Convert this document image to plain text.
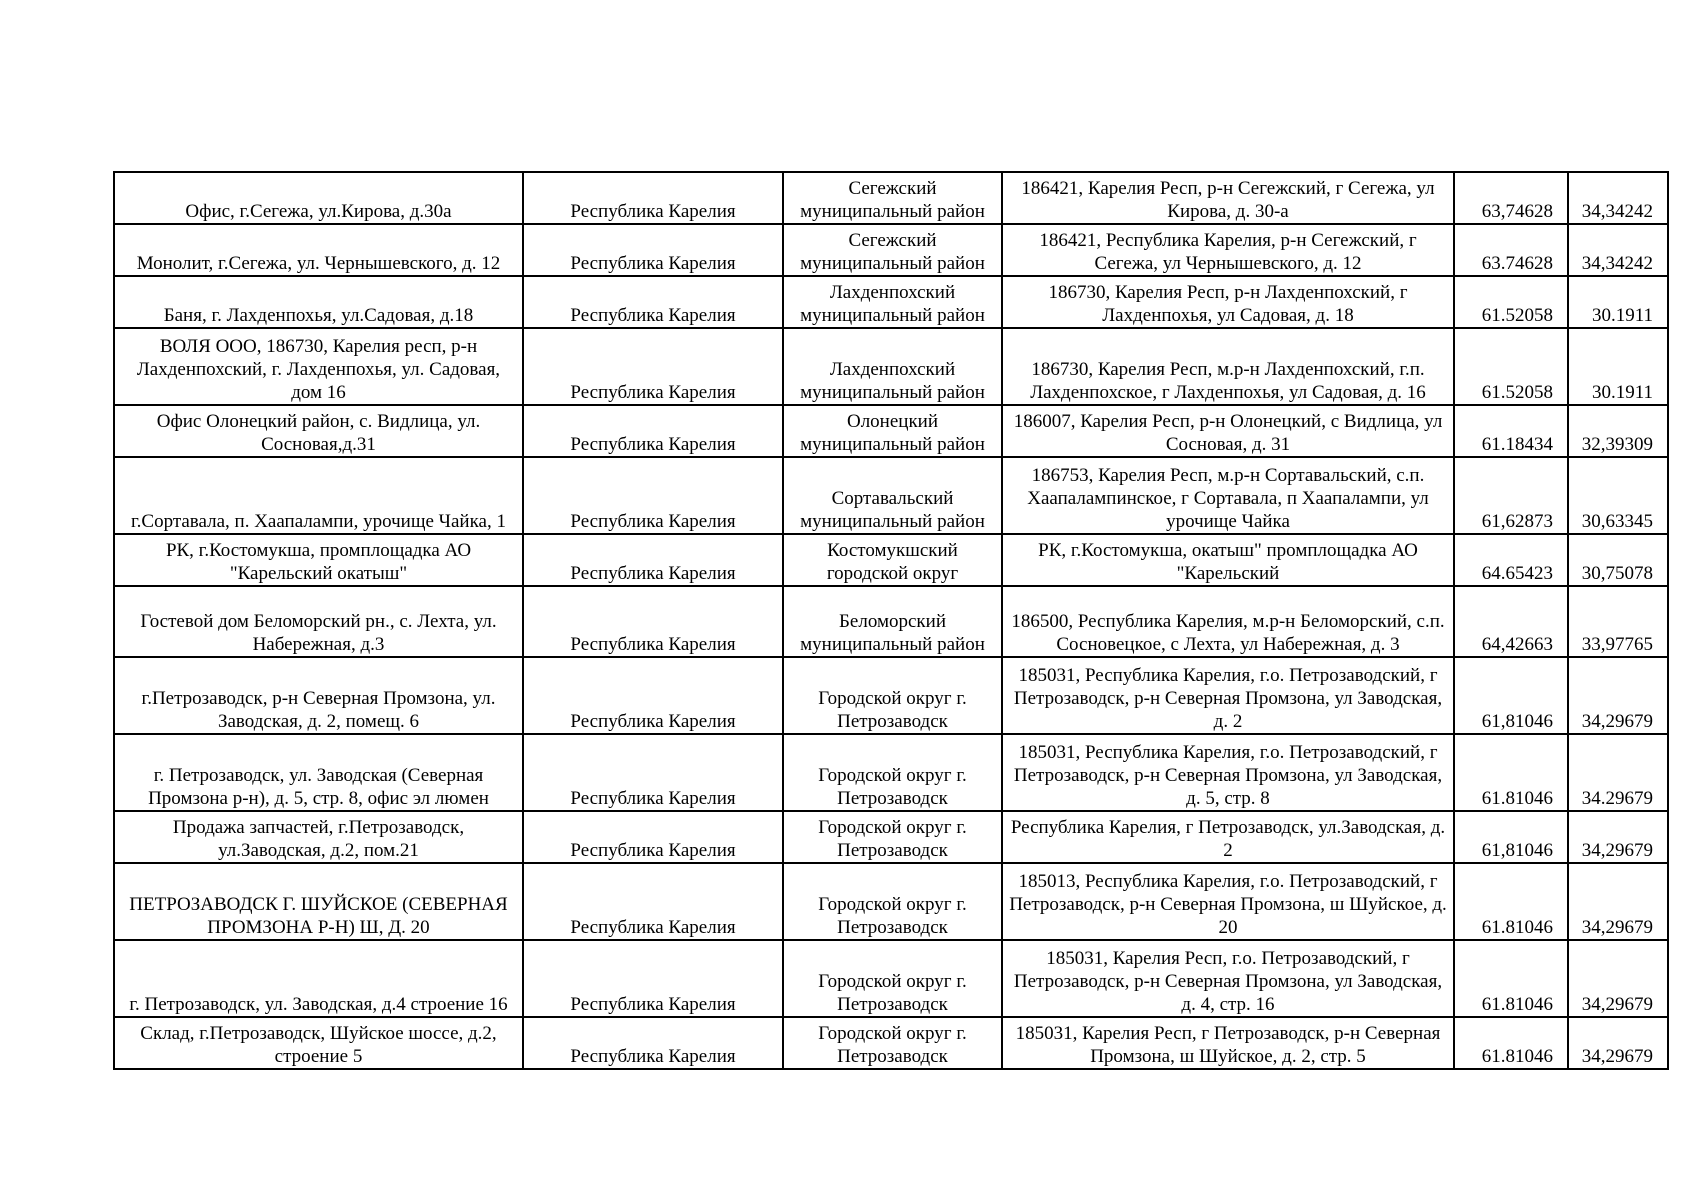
Офис, г.Сегежа, ул.Кирова, д.30а	Республика Карелия	Сегежский муниципальный район	186421, Карелия Респ, р-н Сегежский, г Сегежа, ул Кирова, д. 30-а	63,74628	34,34242
Монолит, г.Сегежа, ул. Чернышевского, д. 12	Республика Карелия	Сегежский муниципальный район	186421, Республика Карелия, р-н Сегежский, г Сегежа, ул Чернышевского, д. 12	63.74628	34,34242
Баня, г. Лахденпохья, ул.Садовая, д.18	Республика Карелия	Лахденпохский муниципальный район	186730, Карелия Респ, р-н Лахденпохский, г Лахденпохья, ул Садовая, д. 18	61.52058	30.1911
ВОЛЯ ООО, 186730, Карелия респ, р-н Лахденпохский, г. Лахденпохья, ул. Садовая, дом 16	Республика Карелия	Лахденпохский муниципальный район	186730, Карелия Респ, м.р-н Лахденпохский, г.п. Лахденпохское, г Лахденпохья, ул Садовая, д. 16	61.52058	30.1911
Офис Олонецкий район, с. Видлица, ул. Сосновая,д.31	Республика Карелия	Олонецкий муниципальный район	186007, Карелия Респ, р-н Олонецкий, с Видлица, ул Сосновая, д. 31	61.18434	32,39309
г.Сортавала, п. Хаапалампи, урочище Чайка, 1	Республика Карелия	Сортавальский муниципальный район	186753, Карелия Респ, м.р-н Сортавальский, с.п. Хаапалампинское, г Сортавала, п Хаапалампи, ул урочище Чайка	61,62873	30,63345
РК, г.Костомукша, промплощадка АО "Карельский окатыш"	Республика Карелия	Костомукшский городской округ	РК, г.Костомукша, окатыш" промплощадка АО "Карельский	64.65423	30,75078
Гостевой дом Беломорский рн., с. Лехта, ул. Набережная, д.3	Республика Карелия	Беломорский муниципальный район	186500, Республика Карелия, м.р-н Беломорский, с.п. Сосновецкое, с Лехта, ул Набережная, д. 3	64,42663	33,97765
г.Петрозаводск, р-н Северная Промзона, ул. Заводская, д. 2, помещ. 6	Республика Карелия	Городской округ г. Петрозаводск	185031, Республика Карелия, г.о. Петрозаводский, г Петрозаводск, р-н Северная Промзона, ул Заводская, д. 2	61,81046	34,29679
г. Петрозаводск, ул. Заводская (Северная Промзона р-н), д. 5, стр. 8, офис эл люмен	Республика Карелия	Городской округ г. Петрозаводск	185031, Республика Карелия, г.о. Петрозаводский, г Петрозаводск, р-н Северная Промзона, ул Заводская, д. 5, стр. 8	61.81046	34.29679
Продажа запчастей, г.Петрозаводск, ул.Заводская, д.2, пом.21	Республика Карелия	Городской округ г. Петрозаводск	Республика Карелия, г Петрозаводск, ул.Заводская, д. 2	61,81046	34,29679
ПЕТРОЗАВОДСК Г. ШУЙСКОЕ (СЕВЕРНАЯ ПРОМЗОНА Р-Н) Ш, Д. 20	Республика Карелия	Городской округ г. Петрозаводск	185013, Республика Карелия, г.о. Петрозаводский, г Петрозаводск, р-н Северная Промзона, ш Шуйское, д. 20	61.81046	34,29679
г. Петрозаводск, ул. Заводская, д.4 строение 16	Республика Карелия	Городской округ г. Петрозаводск	185031, Карелия Респ, г.о. Петрозаводский, г Петрозаводск, р-н Северная Промзона, ул Заводская, д. 4, стр. 16	61.81046	34,29679
Склад, г.Петрозаводск, Шуйское шоссе, д.2, строение 5	Республика Карелия	Городской округ г. Петрозаводск	185031, Карелия Респ, г Петрозаводск, р-н Северная Промзона, ш Шуйское, д. 2, стр. 5	61.81046	34,29679
